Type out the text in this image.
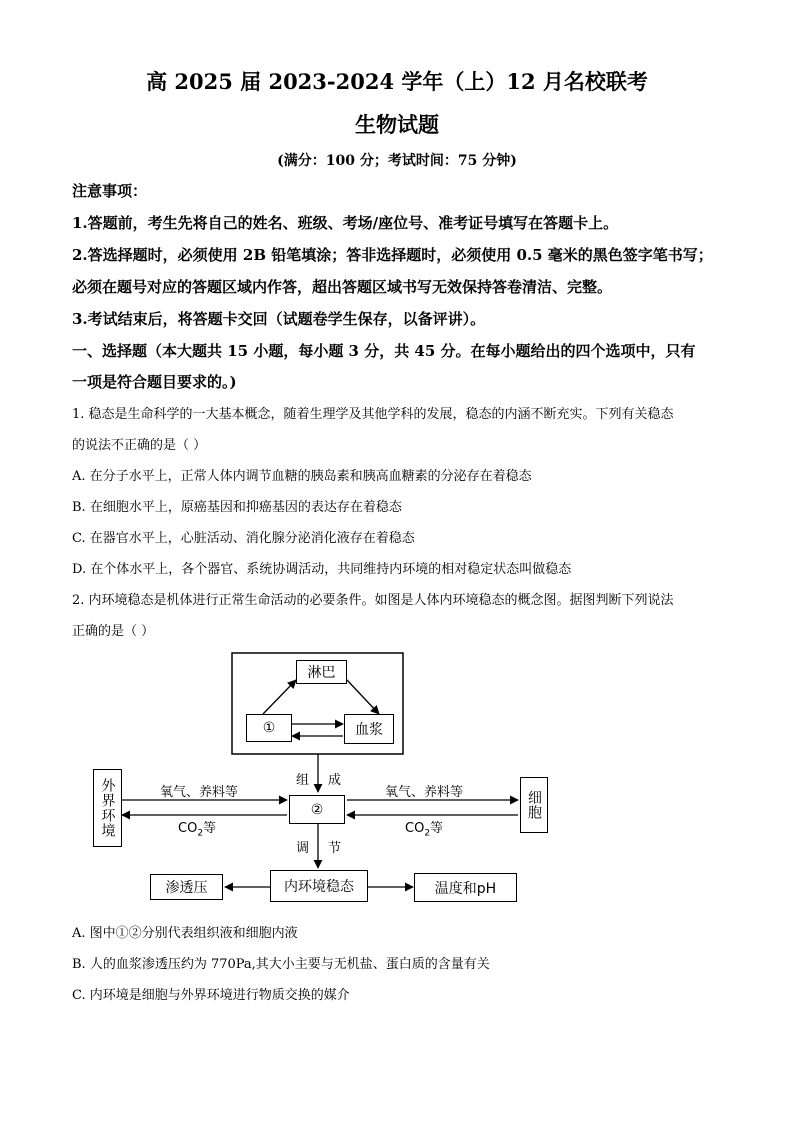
高 2025 届 2023-2024 学年（上）12 月名校联考
生物试题
(满分：100 分；考试时间：75 分钟)
注意事项：
1.答题前，考生先将自己的姓名、班级、考场/座位号、准考证号填写在答题卡上。
2.答选择题时，必须使用 2B 铅笔填涂；答非选择题时，必须使用 0.5 毫米的黑色签字笔书写；
必须在题号对应的答题区域内作答，超出答题区域书写无效保持答卷清洁、完整。
3.考试结束后，将答题卡交回（试题卷学生保存，以备评讲）。
一、选择题（本大题共 15 小题，每小题 3 分，共 45 分。在每小题给出的四个选项中，只有
一项是符合题目要求的。)
1. 稳态是生命科学的一大基本概念，随着生理学及其他学科的发展，稳态的内涵不断充实。下列有关稳态
的说法不正确的是（ ）
A. 在分子水平上，正常人体内调节血糖的胰岛素和胰高血糖素的分泌存在着稳态
B. 在细胞水平上，原癌基因和抑癌基因的表达存在着稳态
C. 在器官水平上，心脏活动、消化腺分泌消化液存在着稳态
D. 在个体水平上，各个器官、系统协调活动，共同维持内环境的相对稳定状态叫做稳态
2. 内环境稳态是机体进行正常生命活动的必要条件。如图是人体内环境稳态的概念图。据图判断下列说法
正确的是（ ）
淋巴
①	血浆
组 成
外界环境	细胞
②
氧气、养料等	氧气、养料等
$CO_2$等	$CO_2$等
调 节
渗透压	内环境稳态	温度和pH
A. 图中①②分别代表组织液和细胞内液
B. 人的血浆渗透压约为 770Pa,其大小主要与无机盐、蛋白质的含量有关
C. 内环境是细胞与外界环境进行物质交换的媒介
